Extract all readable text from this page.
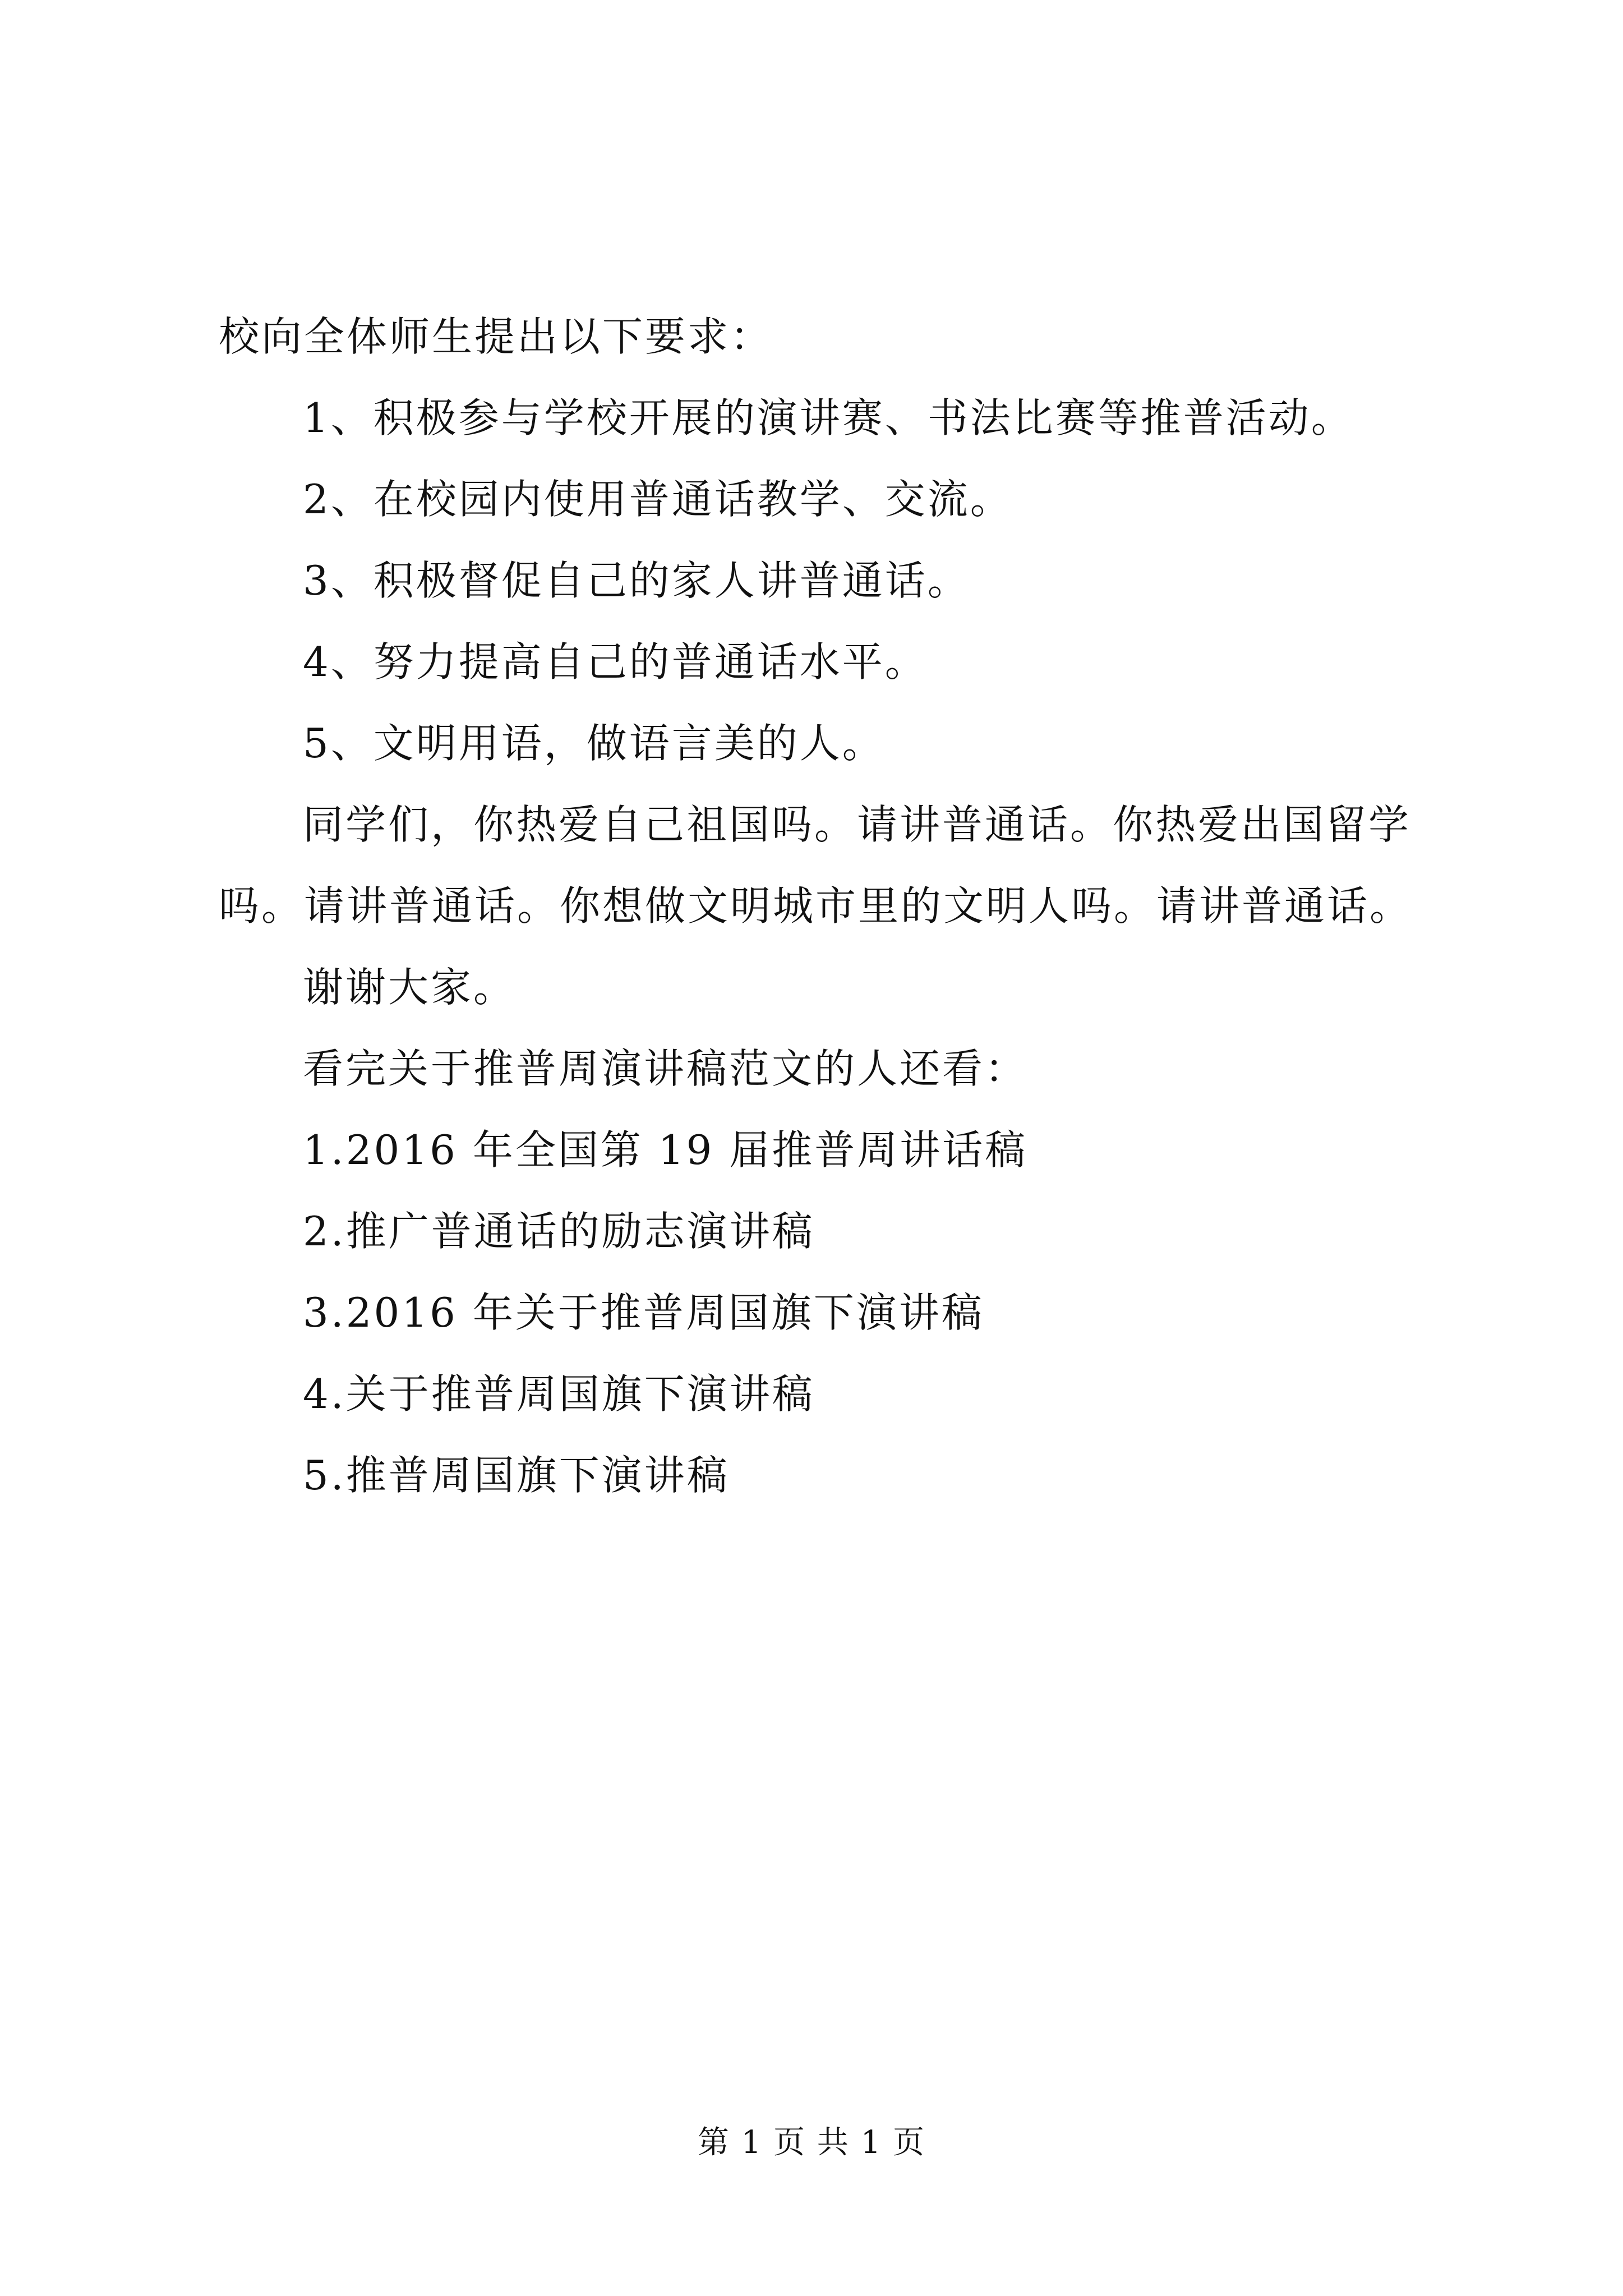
校向全体师生提出以下要求：
1、积极参与学校开展的演讲赛、书法比赛等推普活动。
2、在校园内使用普通话教学、交流。
3、积极督促自己的家人讲普通话。
4、努力提高自己的普通话水平。
5、文明用语，做语言美的人。
同学们，你热爱自己祖国吗。请讲普通话。你热爱出国留学
吗。请讲普通话。你想做文明城市里的文明人吗。请讲普通话。
谢谢大家。
看完关于推普周演讲稿范文的人还看：
1.2016 年全国第 19 届推普周讲话稿
2.推广普通话的励志演讲稿
3.2016 年关于推普周国旗下演讲稿
4.关于推普周国旗下演讲稿
5.推普周国旗下演讲稿
第 1 页 共 1 页
